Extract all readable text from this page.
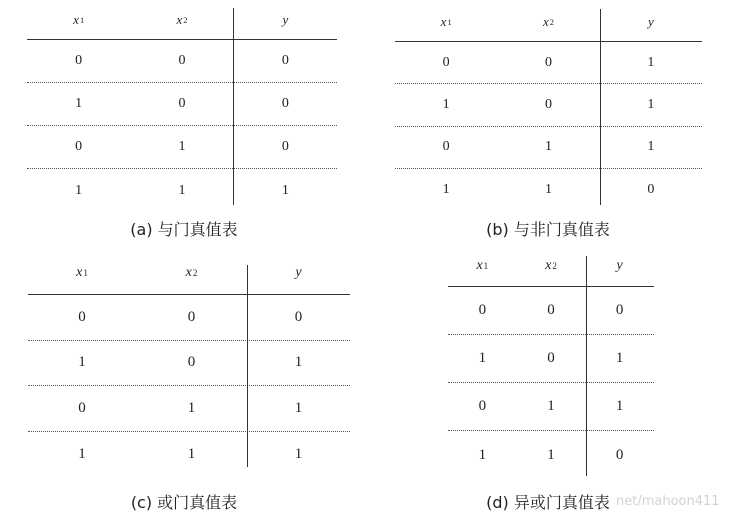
x 1	x 2	y
0	0	0
1	0	0
0	1	0
1	1	1
(a) 与门真值表
x 1	x 2	y
0	0	1
1	0	1
0	1	1
1	1	0
(b) 与非门真值表
x 1	x 2	y
0	0	0
1	0	1
0	1	1
1	1	1
(c) 或门真值表
x 1	x 2	y
0	0	0
1	0	1
0	1	1
1	1	0
(d) 异或门真值表 net/mahoon411
